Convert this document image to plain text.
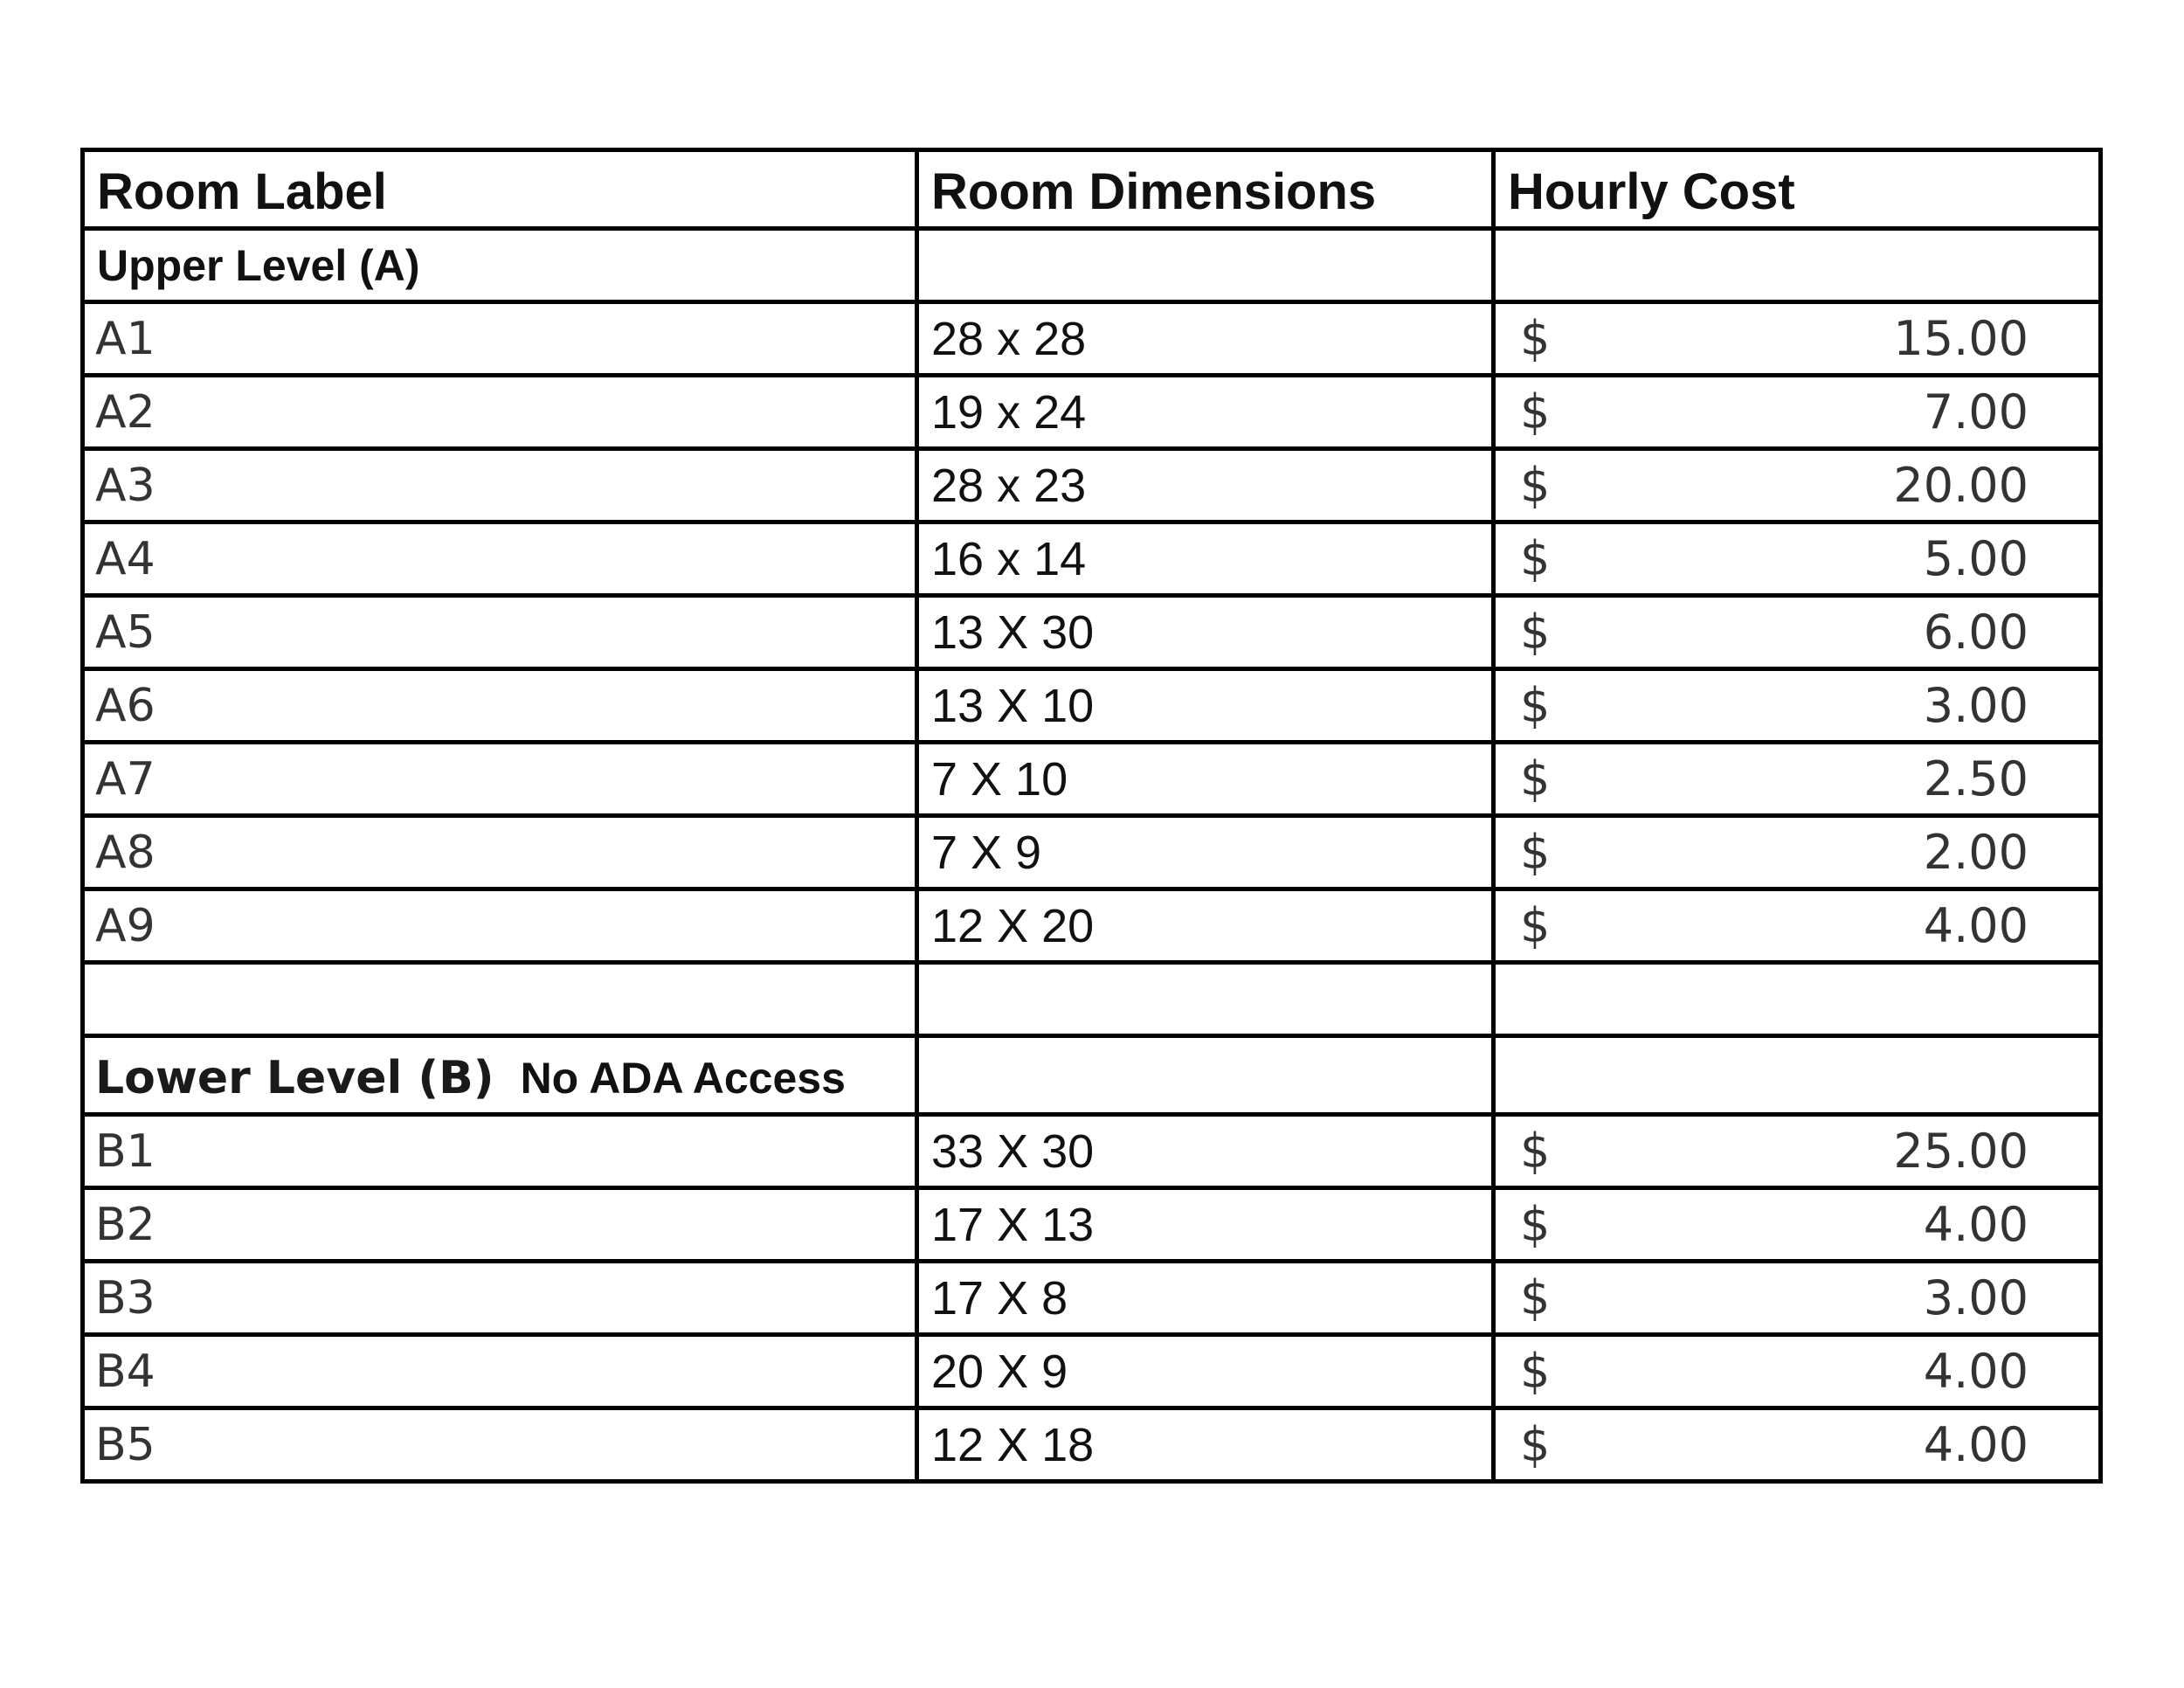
Room Label	Room Dimensions	Hourly Cost
Upper Level (A)		
A1	28 x 28	$ 15.00

A2	19 x 24	$ 7.00

A3	28 x 23	$ 20.00

A4	16 x 14	$ 5.00

A5	13 X 30	$ 6.00

A6	13 X 10	$ 3.00

A7	7 X 10	$ 2.50

A8	7 X 9	$ 2.00

A9	12 X 20	$ 4.00

Lower Level (B) No ADA Access		
B1	33 X 30	$ 25.00

B2	17 X 13	$ 4.00

B3	17 X 8	$ 3.00

B4	20 X 9	$ 4.00

B5	12 X 18	$ 4.00
